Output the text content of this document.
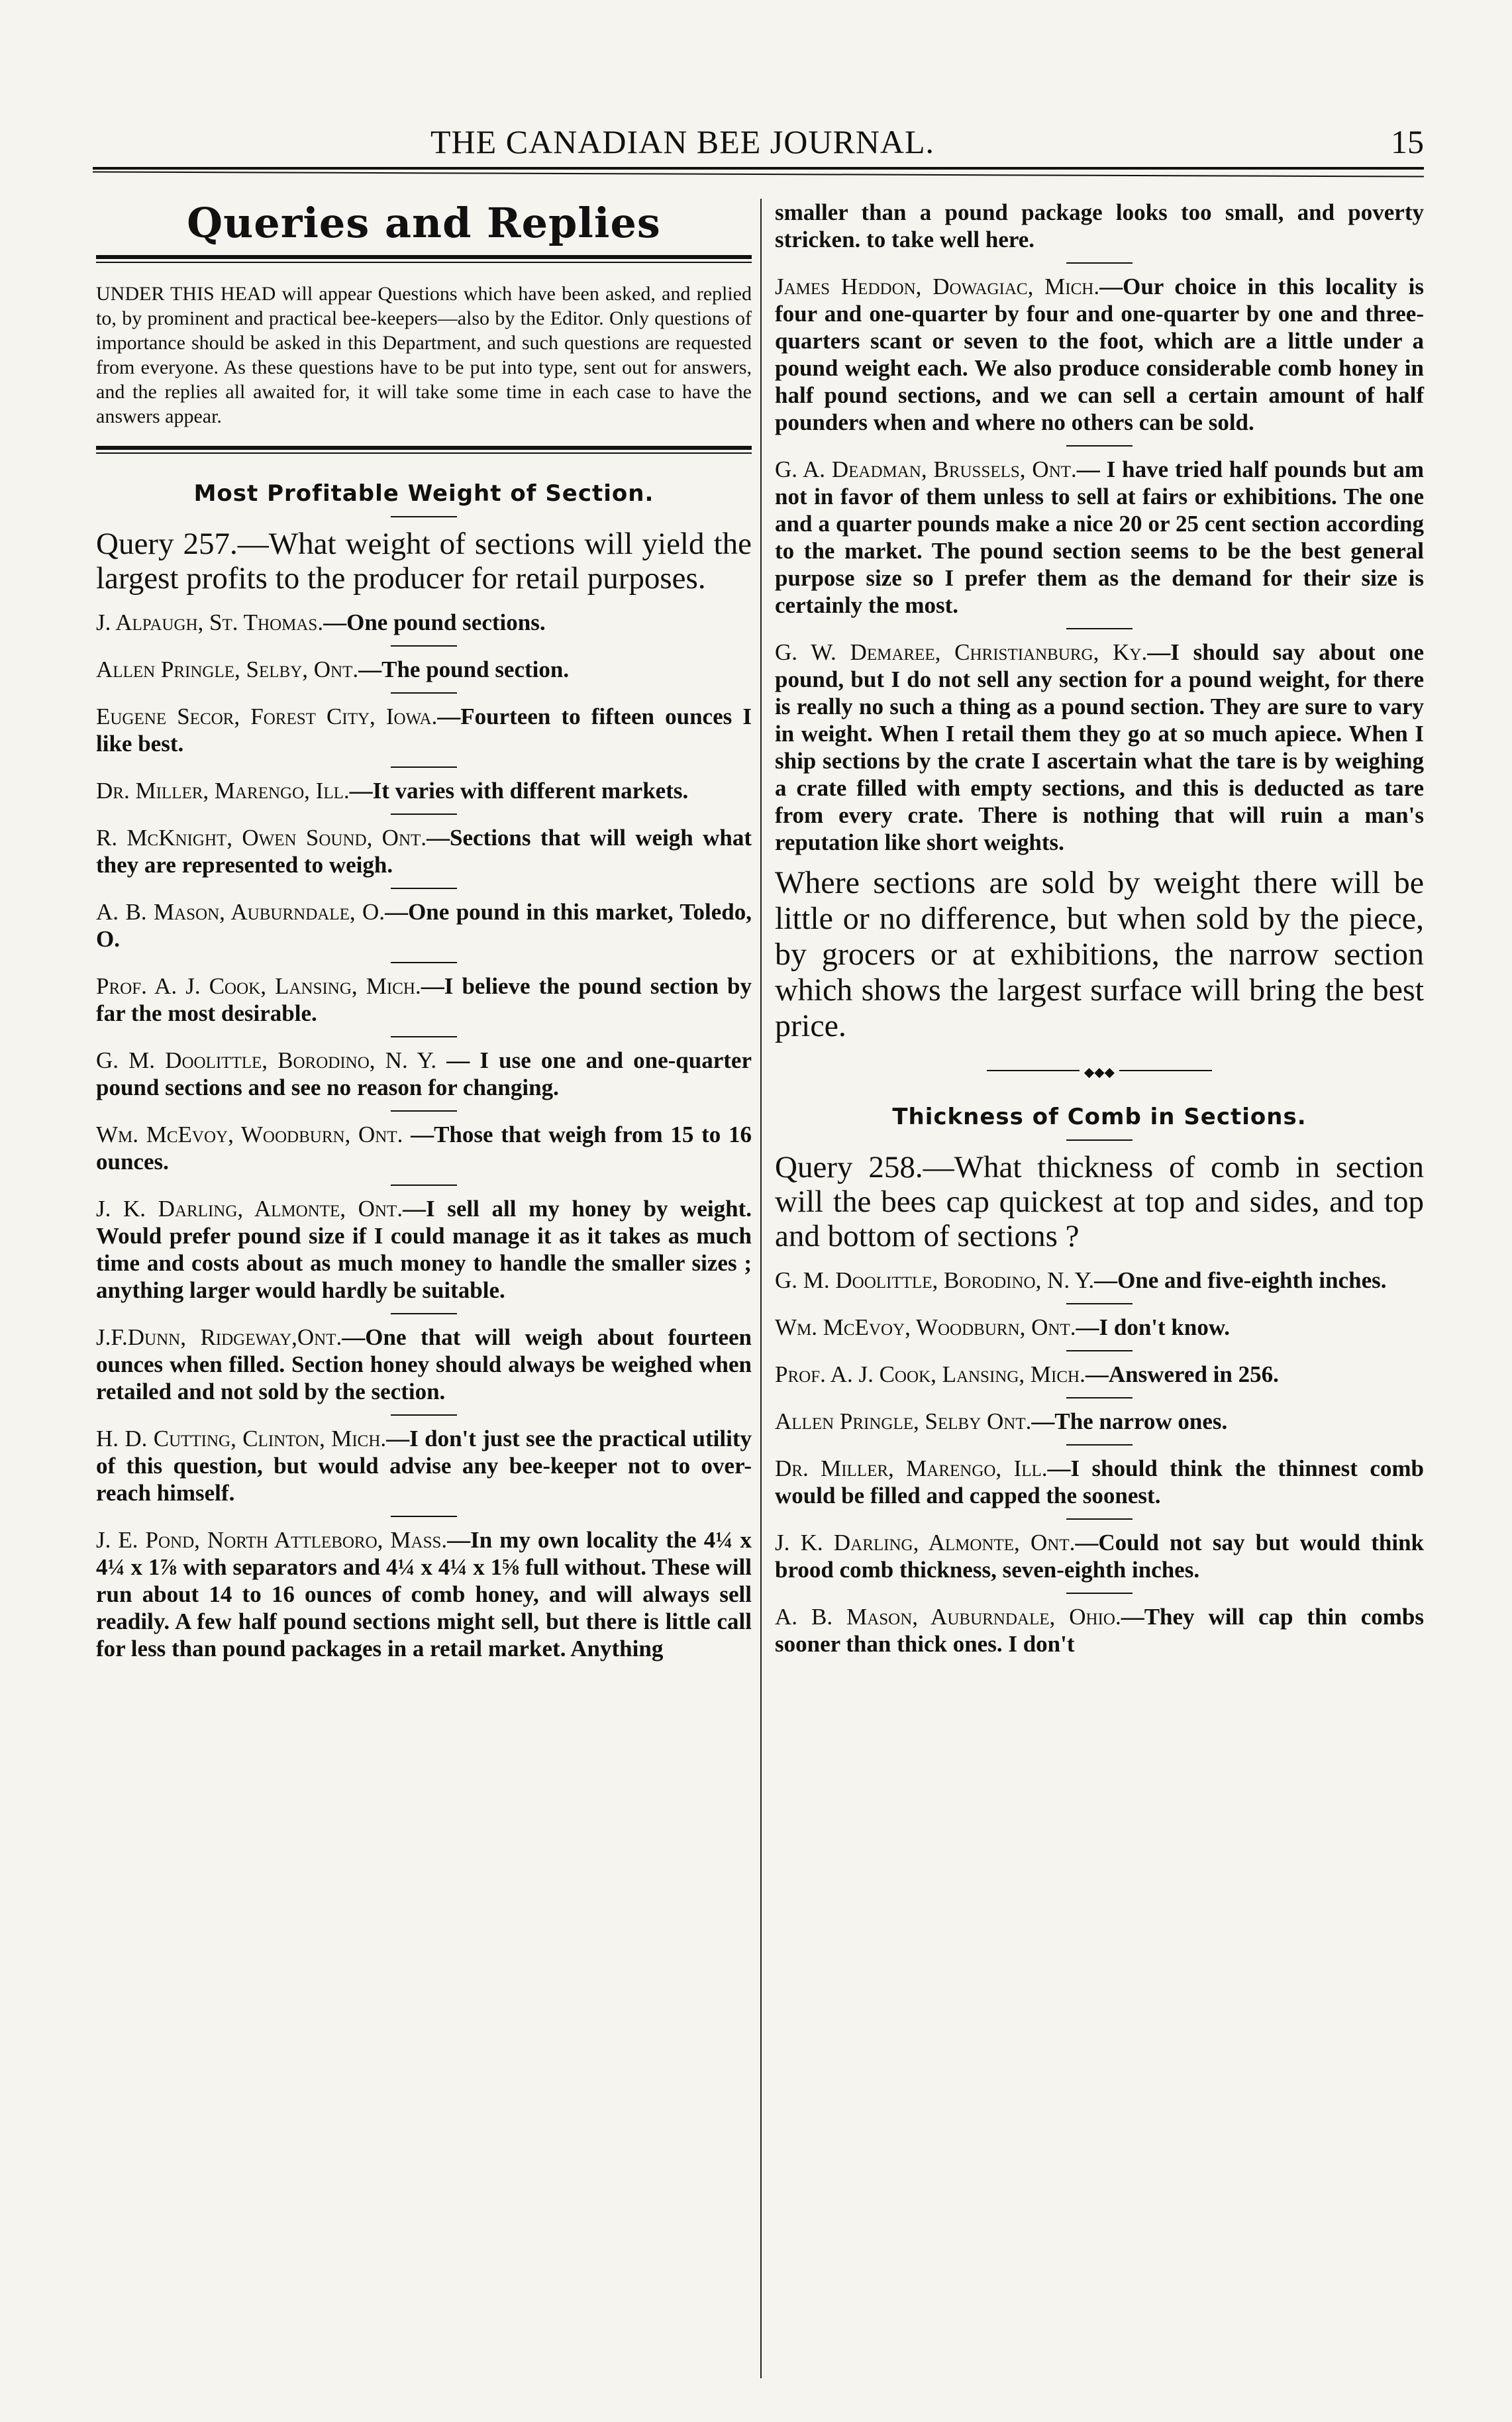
THE CANADIAN BEE JOURNAL.	15
Queries and Replies

UNDER THIS HEAD will appear Questions which have been asked, and replied to, by prominent and practical bee-keepers—also by the Editor. Only questions of importance should be asked in this Department, and such questions are requested from everyone. As these questions have to be put into type, sent out for answers, and the replies all awaited for, it will take some time in each case to have the answers appear.

Most Profitable Weight of Section.

Query 257.—What weight of sections will yield the largest profits to the producer for retail purposes.

J. Alpaugh, St. Thomas.—One pound sections.

Allen Pringle, Selby, Ont.—The pound section.

Eugene Secor, Forest City, Iowa.—Fourteen to fifteen ounces I like best.

Dr. Miller, Marengo, Ill.—It varies with different markets.

R. McKnight, Owen Sound, Ont.—Sections that will weigh what they are represented to weigh.

A. B. Mason, Auburndale, O.—One pound in this market, Toledo, O.

Prof. A. J. Cook, Lansing, Mich.—I believe the pound section by far the most desirable.

G. M. Doolittle, Borodino, N. Y. — I use one and one-quarter pound sections and see no reason for changing.

Wm. McEvoy, Woodburn, Ont. —Those that weigh from 15 to 16 ounces.

J. K. Darling, Almonte, Ont.—I sell all my honey by weight. Would prefer pound size if I could manage it as it takes as much time and costs about as much money to handle the smaller sizes ; anything larger would hardly be suitable.

J.F.Dunn, Ridgeway,Ont.—One that will weigh about fourteen ounces when filled. Section honey should always be weighed when retailed and not sold by the section.

H. D. Cutting, Clinton, Mich.—I don't just see the practical utility of this question, but would advise any bee-keeper not to over-reach himself.

J. E. Pond, North Attleboro, Mass.—In my own locality the 4¼ x 4¼ x 1⅞ with separators and 4¼ x 4¼ x 1⅝ full without. These will run about 14 to 16 ounces of comb honey, and will always sell readily. A few half pound sections might sell, but there is little call for less than pound packages in a retail market. Anything

smaller than a pound package looks too small, and poverty stricken. to take well here.

James Heddon, Dowagiac, Mich.—Our choice in this locality is four and one-quarter by four and one-quarter by one and three-quarters scant or seven to the foot, which are a little under a pound weight each. We also produce considerable comb honey in half pound sections, and we can sell a certain amount of half pounders when and where no others can be sold.

G. A. Deadman, Brussels, Ont.— I have tried half pounds but am not in favor of them unless to sell at fairs or exhibitions. The one and a quarter pounds make a nice 20 or 25 cent section according to the market. The pound section seems to be the best general purpose size so I prefer them as the demand for their size is certainly the most.

G. W. Demaree, Christianburg, Ky.—I should say about one pound, but I do not sell any section for a pound weight, for there is really no such a thing as a pound section. They are sure to vary in weight. When I retail them they go at so much apiece. When I ship sections by the crate I ascertain what the tare is by weighing a crate filled with empty sections, and this is deducted as tare from every crate. There is nothing that will ruin a man's reputation like short weights.

Where sections are sold by weight there will be little or no difference, but when sold by the piece, by grocers or at exhibitions, the narrow section which shows the largest surface will bring the best price.

◆◆◆
Thickness of Comb in Sections.

Query 258.—What thickness of comb in section will the bees cap quickest at top and sides, and top and bottom of sections ?

G. M. Doolittle, Borodino, N. Y.—One and five-eighth inches.

Wm. McEvoy, Woodburn, Ont.—I don't know.

Prof. A. J. Cook, Lansing, Mich.—Answered in 256.

Allen Pringle, Selby Ont.—The narrow ones.

Dr. Miller, Marengo, Ill.—I should think the thinnest comb would be filled and capped the soonest.

J. K. Darling, Almonte, Ont.—Could not say but would think brood comb thickness, seven-eighth inches.

A. B. Mason, Auburndale, Ohio.—They will cap thin combs sooner than thick ones. I don't
